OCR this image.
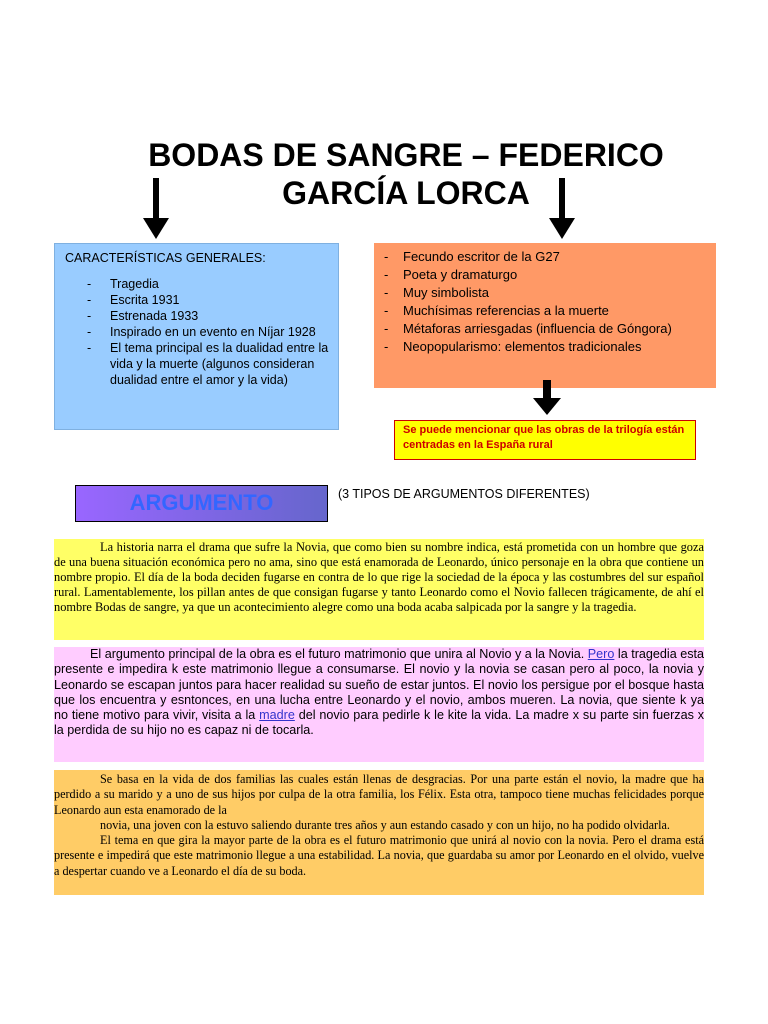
BODAS DE SANGRE – FEDERICO
GARCÍA LORCA
CARACTERÍSTICAS GENERALES:
- Tragedia
- Escrita 1931
- Estrenada 1933
- Inspirado en un evento en Níjar 1928
- El tema principal es la dualidad entre la vida y la muerte (algunos consideran dualidad entre el amor y la vida)
- Fecundo escritor de la G27
- Poeta y dramaturgo
- Muy simbolista
- Muchísimas referencias a la muerte
- Métaforas arriesgadas (influencia de Góngora)
- Neopopularismo: elementos tradicionales
Se puede mencionar que las obras de la trilogía están centradas en la España rural
ARGUMENTO	(3 TIPOS DE ARGUMENTOS DIFERENTES)
La historia narra el drama que sufre la Novia, que como bien su nombre indica, está prometida con un hombre que goza de una buena situación económica pero no ama, sino que está enamorada de Leonardo, único personaje en la obra que contiene un nombre propio. El día de la boda deciden fugarse en contra de lo que rige la sociedad de la época y las costumbres del sur español rural. Lamentablemente, los pillan antes de que consigan fugarse y tanto Leonardo como el Novio fallecen trágicamente, de ahí el nombre Bodas de sangre, ya que un acontecimiento alegre como una boda acaba salpicada por la sangre y la tragedia.
El argumento principal de la obra es el futuro matrimonio que unira al Novio y a la Novia. Pero la tragedia esta presente e impedira k este matrimonio llegue a consumarse. El novio y la novia se casan pero al poco, la novia y Leonardo se escapan juntos para hacer realidad su sueño de estar juntos. El novio los persigue por el bosque hasta que los encuentra y esntonces, en una lucha entre Leonardo y el novio, ambos mueren. La novia, que siente k ya no tiene motivo para vivir, visita a la madre del novio para pedirle k le kite la vida. La madre x su parte sin fuerzas x la perdida de su hijo no es capaz ni de tocarla.
Se basa en la vida de dos familias las cuales están llenas de desgracias. Por una parte están el novio, la madre que ha perdido a su marido y a uno de sus hijos por culpa de la otra familia, los Félix. Esta otra, tampoco tiene muchas felicidades porque Leonardo aun esta enamorado de la
novia, una joven con la estuvo saliendo durante tres años y aun estando casado y con un hijo, no ha podido olvidarla.
El tema en que gira la mayor parte de la obra es el futuro matrimonio que unirá al novio con la novia. Pero el drama está presente e impedirá que este matrimonio llegue a una estabilidad. La novia, que guardaba su amor por Leonardo en el olvido, vuelve a despertar cuando ve a Leonardo el día de su boda.
